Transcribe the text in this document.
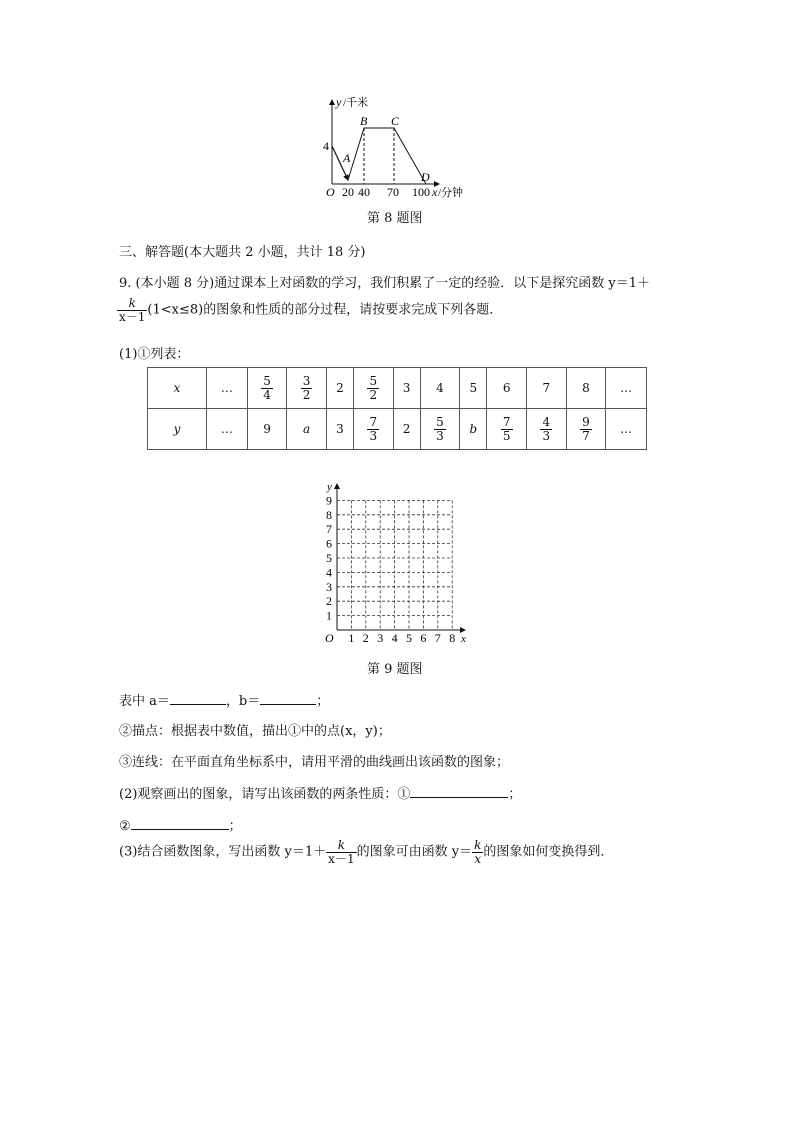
y /千米
4
O 20 40 70 100 x /分钟
A
B C
D
第 8 题图
三、解答题(本大题共 2 小题，共计 18 分)
9. (本小题 8 分)通过课本上对函数的学习，我们积累了一定的经验．以下是探究函数 y＝1＋
$\frac{k}{x-1} (1<x\le 8)$的图象和性质的部分过程，请按要求完成下列各题．
(1)①列表：
x	…	$\frac{5}{4}$	$\frac{3}{2}$	2	$\frac{5}{2}$	3	4	5	6	7	8	…
y	…	9	a	3	$\frac{7}{3}$	2	$\frac{5}{3}$	b	$\frac{7}{5}$	$\frac{4}{3}$	$\frac{9}{7}$	…
y
x
O 1 2 3 4 5 6 7 8
1
2
3
4
5
6
7
8
9
第 9 题图
表中 a＝	，b＝	；
②描点：根据表中数值，描出①中的点(x，y)；
③连线：在平面直角坐标系中，请用平滑的曲线画出该函数的图象；
(2)观察画出的图象，请写出该函数的两条性质：①	；
②	；
(3)结合函数图象，写出函数 $y=1+ \frac{k}{x-1}$ 的图象可由函数 $y= \frac{k}{x}$ 的图象如何变换得到．
